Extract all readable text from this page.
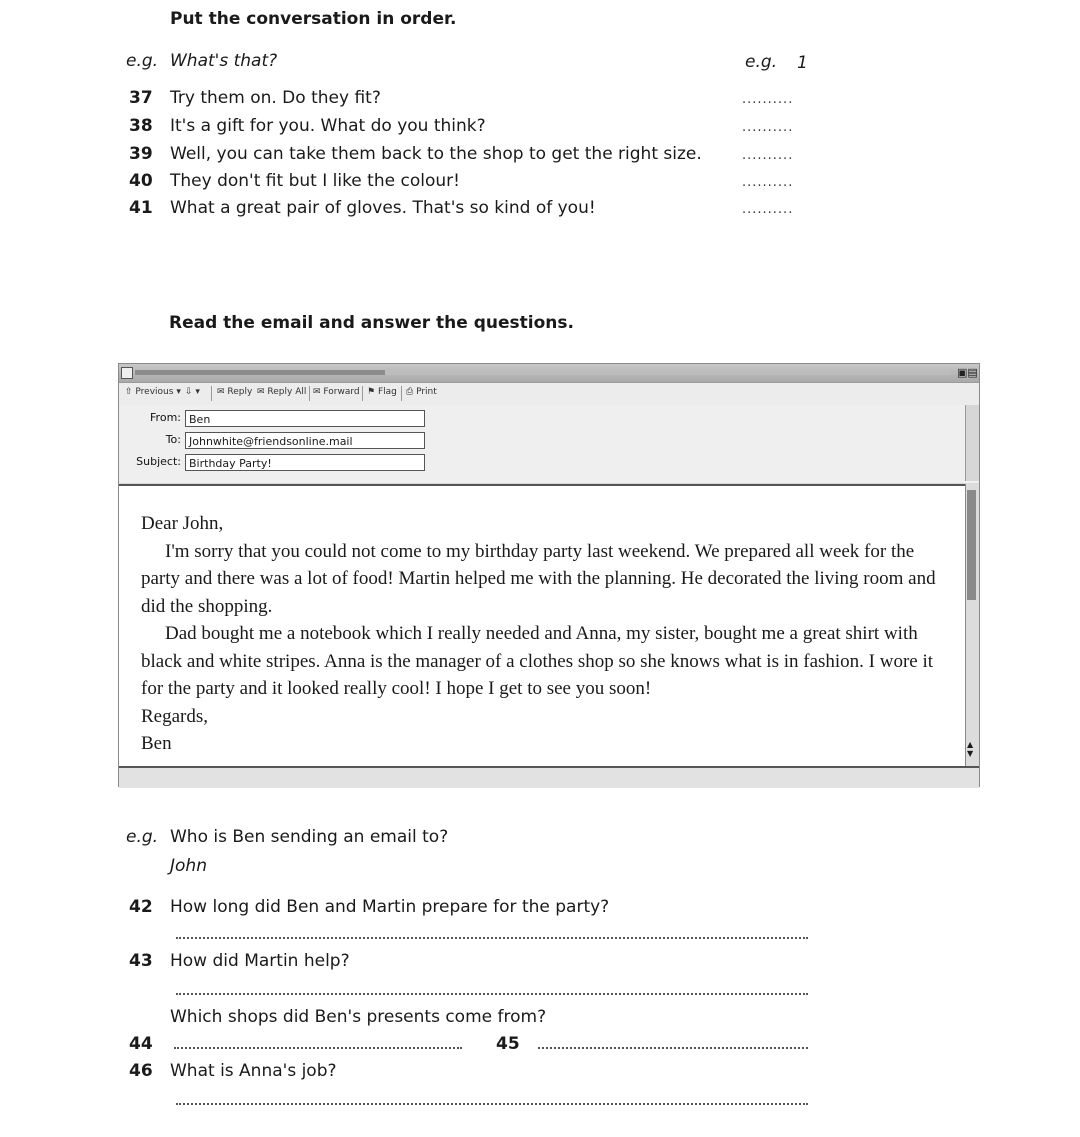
Put the conversation in order.
e.g. What's that?	e.g. 1
37 Try them on. Do they fit?	..........
38 It's a gift for you. What do you think?	..........
39 Well, you can take them back to the shop to get the right size.	..........
40 They don't fit but I like the colour!	..........
41 What a great pair of gloves. That's so kind of you!	..........
Read the email and answer the questions.
▣▤
⇧ Previous ▾ ⇩ ▾ ✉ Reply ✉ Reply All ✉ Forward ⚑ Flag ⎙ Print
From: Ben
To: Johnwhite@friendsonline.mail
Subject: Birthday Party!

Dear John,

I'm sorry that you could not come to my birthday party last weekend. We prepared all week for the party and there was a lot of food! Martin helped me with the planning. He decorated the living room and did the shopping.

Dad bought me a notebook which I really needed and Anna, my sister, bought me a great shirt with black and white stripes. Anna is the manager of a clothes shop so she knows what is in fashion. I wore it for the party and it looked really cool! I hope I get to see you soon!

Regards,

Ben	▲
▼
e.g. Who is Ben sending an email to?
John
42 How long did Ben and Martin prepare for the party?
43 How did Martin help?
Which shops did Ben's presents come from?
44	45
46 What is Anna's job?
